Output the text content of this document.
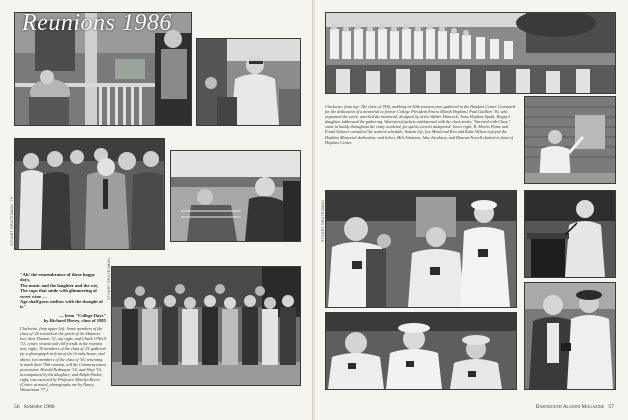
Reunions 1986
STUART BRATESMAN '79
"Ah! the remembrance of these happy days,
The music and the laughter and the wit,
The cups that smile with glimmering of sweet wine —
Age shall grow mellow with the thought of it."
— from "College Days"
by Richard Hovey, class of 1885
Clockwise, from upper left: Some members of the class of '26 relaxed on the porch of the Hanover Inn; Stett Thomas '31, top right, and Chuck O'Neill '31, center, visited with old friends in the reunion tent, right; 16 members of the class of '21 gathered for a photograph in front of the Crosby house, and above, two members of the class of '16, returning to mark their 70th reunion, toll the Commencement procession: Harold Redmayne '16, and Shep '16, accompanied by his daughter; and Ralph Parker, right, was escorted by Professor Marilyn Reeve. (Center at noted, photographs are by Nancy Wasserman '77.)
STUART BRATESMAN
56 Summer 1986
Clockwise, from top: The class of 1936, marking its 50th reunion year, gathered in the Hopkins Center Courtyard for the dedication of a memorial to former College President Ernest Martin Hopkins; Paul Guilbert '36, who organized the event, unveiled the memorial, designed by artist Walker Hancock; Anne Hopkins Spath, Hoppy's daughter, addressed the gathering. Waterproof jackets emblazoned with the class motto, "Survival with Class," came in handy throughout the rainy weekend, yet spirits weren't dampened: lower right, R. Morris Paine and Frank Scharer consulted the reunion schedule; bottom left, Lee Mead and Ken and Katie Wilson enjoyed the Hopkins Memorial dedication; and below, Milt Johnston, Jake Jacobson, and Duncan Newell chatted in front of Hopkins Center.
STUART BRATESMAN
Dartmouth Alumni Magazine 57
